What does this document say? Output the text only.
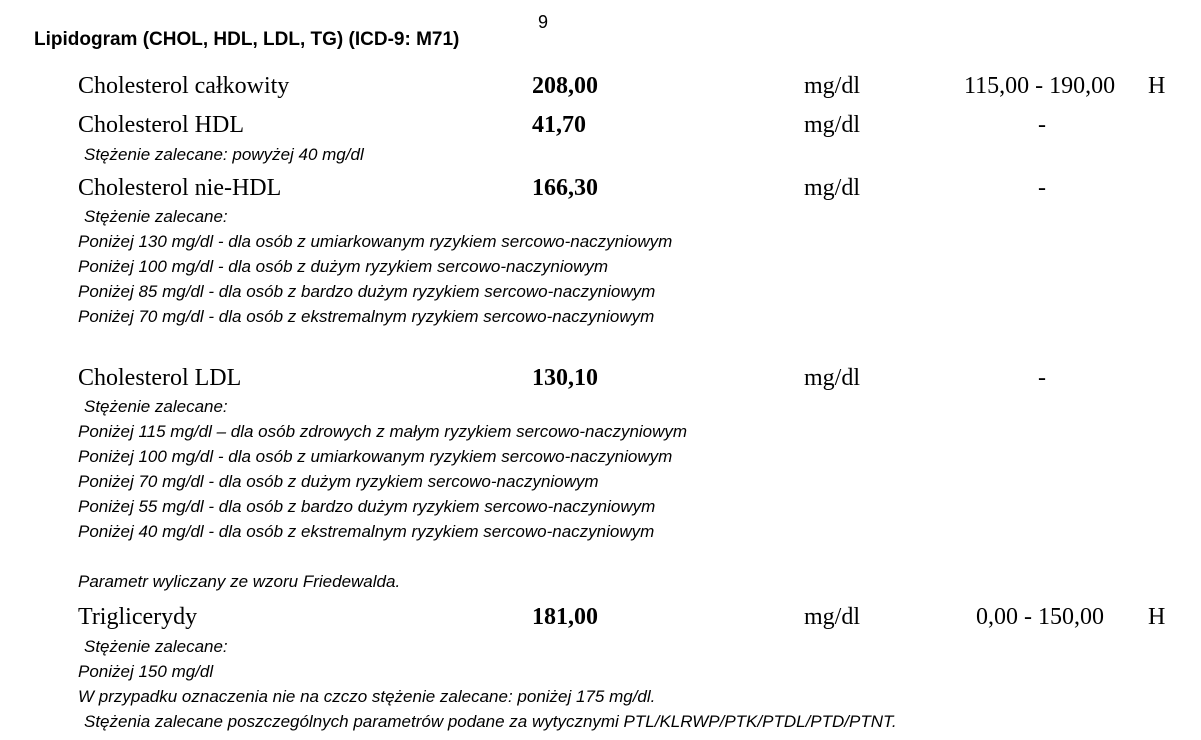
Lipidogram (CHOL, HDL, LDL, TG) (ICD-9: M71)
9
Cholesterol całkowity	208,00	mg/dl	115,00 - 190,00 H
Cholesterol HDL	41,70	mg/dl	-
Stężenie zalecane: powyżej 40 mg/dl
Cholesterol nie-HDL	166,30	mg/dl	-
Stężenie zalecane:
Poniżej 130 mg/dl - dla osób z umiarkowanym ryzykiem sercowo-naczyniowym
Poniżej 100 mg/dl - dla osób z dużym ryzykiem sercowo-naczyniowym
Poniżej 85 mg/dl - dla osób z bardzo dużym ryzykiem sercowo-naczyniowym
Poniżej 70 mg/dl - dla osób z ekstremalnym ryzykiem sercowo-naczyniowym
Cholesterol LDL	130,10	mg/dl	-
Stężenie zalecane:
Poniżej 115 mg/dl – dla osób zdrowych z małym ryzykiem sercowo-naczyniowym
Poniżej 100 mg/dl - dla osób z umiarkowanym ryzykiem sercowo-naczyniowym
Poniżej 70 mg/dl - dla osób z dużym ryzykiem sercowo-naczyniowym
Poniżej 55 mg/dl - dla osób z bardzo dużym ryzykiem sercowo-naczyniowym
Poniżej 40 mg/dl - dla osób z ekstremalnym ryzykiem sercowo-naczyniowym
Parametr wyliczany ze wzoru Friedewalda.
Triglicerydy	181,00	mg/dl	0,00 - 150,00 H
Stężenie zalecane:
Poniżej 150 mg/dl
W przypadku oznaczenia nie na czczo stężenie zalecane: poniżej 175 mg/dl.
Stężenia zalecane poszczególnych parametrów podane za wytycznymi PTL/KLRWP/PTK/PTDL/PTD/PTNT.
